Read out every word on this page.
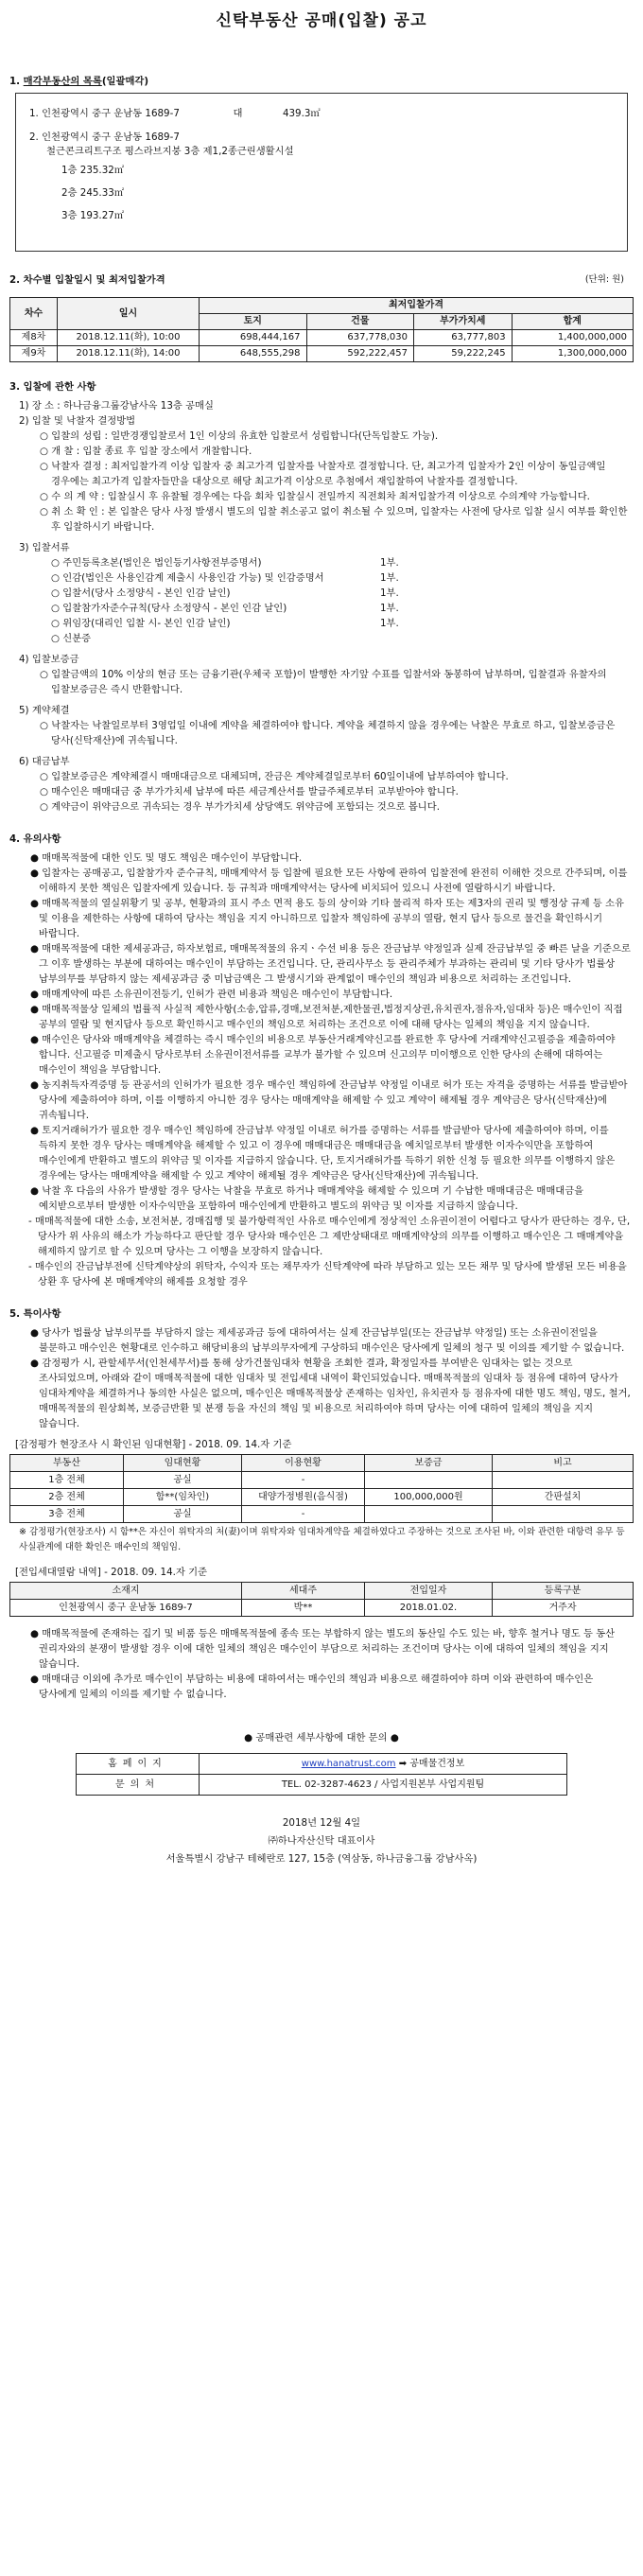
신탁부동산 공매(입찰) 공고
1. 매각부동산의 목록(일괄매각)
1. 인천광역시 중구 운남동 1689-7	대	439.3㎡
2. 인천광역시 중구 운남동 1689-7
철근콘크리트구조 평스라브지붕 3층 제1,2종근린생활시설
1층 235.32㎡
2층 245.33㎡
3층 193.27㎡
2. 차수별 입찰일시 및 최저입찰가격	(단위: 원)
차수	일시	최저입찰가격			
		토지	건물	부가가치세	합계
제8차	2018.12.11(화), 10:00	698,444,167	637,778,030	63,777,803	1,400,000,000
제9차	2018.12.11(화), 14:00	648,555,298	592,222,457	59,222,245	1,300,000,000
3. 입찰에 관한 사항
1) 장 소 : 하나금융그룹강남사옥 13층 공매실
2) 입찰 및 낙찰자 결정방법
○ 입찰의 성립 : 일반경쟁입찰로서 1인 이상의 유효한 입찰로서 성립합니다(단독입찰도 가능).
○ 개 찰 : 입찰 종료 후 입찰 장소에서 개찰합니다.
○ 낙찰자 결정 : 최저입찰가격 이상 입찰자 중 최고가격 입찰자를 낙찰자로 결정합니다. 단, 최고가격 입찰자가 2인 이상이 동일금액일 경우에는 최고가격 입찰자들만을 대상으로 해당 최고가격 이상으로 추첨에서 재입찰하여 낙찰자를 결정합니다.
○ 수 의 계 약 : 입찰실시 후 유찰될 경우에는 다음 회차 입찰실시 전일까지 직전회차 최저입찰가격 이상으로 수의계약 가능합니다.
○ 취 소 확 인 : 본 입찰은 당사 사정 발생시 별도의 입찰 취소공고 없이 취소될 수 있으며, 입찰자는 사전에 당사로 입찰 실시 여부를 확인한 후 입찰하시기 바랍니다.
3) 입찰서류
○ 주민등록초본(법인은 법인등기사항전부증명서)	1부.
○ 인감(법인은 사용인감계 제출시 사용인감 가능) 및 인감증명서	1부.
○ 입찰서(당사 소정양식 - 본인 인감 날인)	1부.
○ 입찰참가자준수규칙(당사 소정양식 - 본인 인감 날인)	1부.
○ 위임장(대리인 입찰 시- 본인 인감 날인)	1부.
○ 신분증
4) 입찰보증금
○ 입찰금액의 10% 이상의 현금 또는 금융기관(우체국 포함)이 발행한 자기앞 수표를 입찰서와 동봉하여 납부하며, 입찰결과 유찰자의 입찰보증금은 즉시 반환합니다.
5) 계약체결
○ 낙찰자는 낙찰일로부터 3영업일 이내에 계약을 체결하여야 합니다. 계약을 체결하지 않을 경우에는 낙찰은 무효로 하고, 입찰보증금은 당사(신탁재산)에 귀속됩니다.
6) 대금납부
○ 입찰보증금은 계약체결시 매매대금으로 대체되며, 잔금은 계약체결일로부터 60일이내에 납부하여야 합니다.
○ 매수인은 매매대금 중 부가가치세 납부에 따른 세금계산서를 발급주체로부터 교부받아야 합니다.
○ 계약금이 위약금으로 귀속되는 경우 부가가치세 상당액도 위약금에 포함되는 것으로 봅니다.
4. 유의사항
● 매매목적물에 대한 인도 및 명도 책임은 매수인이 부담합니다.
● 입찰자는 공매공고, 입찰참가자 준수규칙, 매매계약서 등 입찰에 필요한 모든 사항에 관하여 입찰전에 완전히 이해한 것으로 간주되며, 이를 이해하지 못한 책임은 입찰자에게 있습니다. 등 규칙과 매매계약서는 당사에 비치되어 있으니 사전에 열람하시기 바랍니다.
● 매매목적물의 열실위황기 및 공부, 현황과의 표시 주소 면적 용도 등의 상이와 기타 물리적 하자 또는 제3자의 권리 및 행정상 규제 등 소유 및 이용을 제한하는 사항에 대하여 당사는 책임을 지지 아니하므로 입찰자 책임하에 공부의 열람, 현지 답사 등으로 물건을 확인하시기 바랍니다.
● 매매목적물에 대한 제세공과금, 하자보험료, 매매목적물의 유지ㆍ수선 비용 등은 잔금납부 약정일과 실제 잔금납부일 중 빠른 날을 기준으로 그 이후 발생하는 부분에 대하여는 매수인이 부담하는 조건입니다. 단, 관리사무소 등 관리주체가 부과하는 관리비 및 기타 당사가 법률상 납부의무를 부담하지 않는 제세공과금 중 미납금액은 그 발생시기와 관계없이 매수인의 책임과 비용으로 처리하는 조건입니다.
● 매매계약에 따른 소유권이전등기, 인허가 관련 비용과 책임은 매수인이 부담합니다.
● 매매목적물상 일체의 법률적 사실적 제한사항(소송,압류,경매,보전처분,제한물권,법정지상권,유치권자,점유자,임대차 등)은 매수인이 직접 공부의 열람 및 현지답사 등으로 확인하시고 매수인의 책임으로 처리하는 조건으로 이에 대해 당사는 일체의 책임을 지지 않습니다.
● 매수인은 당사와 매매계약을 체결하는 즉시 매수인의 비용으로 부동산거래계약신고를 완료한 후 당사에 거래계약신고필증을 제출하여야 합니다. 신고필증 미제출시 당사로부터 소유권이전서류를 교부가 불가할 수 있으며 신고의무 미이행으로 인한 당사의 손해에 대하여는 매수인이 책임을 부담합니다.
● 농지취득자격증명 등 관공서의 인허가가 필요한 경우 매수인 책임하에 잔금납부 약정일 이내로 허가 또는 자격을 증명하는 서류를 발급받아 당사에 제출하여야 하며, 이를 이행하지 아니한 경우 당사는 매매계약을 해제할 수 있고 계약이 해제될 경우 계약금은 당사(신탁재산)에 귀속됩니다.
● 토지거래허가가 필요한 경우 매수인 책임하에 잔금납부 약정일 이내로 허가를 증명하는 서류를 발급받아 당사에 제출하여야 하며, 이를 득하지 못한 경우 당사는 매매계약을 해제할 수 있고 이 경우에 매매대금은 매매대금을 예치일로부터 발생한 이자수익만을 포함하여 매수인에게 반환하고 별도의 위약금 및 이자를 지급하지 않습니다. 단, 토지거래허가를 득하기 위한 신청 등 필요한 의무를 이행하지 않은 경우에는 당사는 매매계약을 해제할 수 있고 계약이 해제될 경우 계약금은 당사(신탁재산)에 귀속됩니다.
● 낙찰 후 다음의 사유가 발생할 경우 당사는 낙찰을 무효로 하거나 매매계약을 해제할 수 있으며 기 수납한 매매대금은 매매대금을 예치받으로부터 발생한 이자수익만을 포함하여 매수인에게 반환하고 별도의 위약금 및 이자를 지급하지 않습니다.
- 매매목적물에 대한 소송, 보전처분, 경매집행 및 불가항력적인 사유로 매수인에게 정상적인 소유권이전이 어렵다고 당사가 판단하는 경우, 단, 당사가 위 사유의 해소가 가능하다고 판단할 경우 당사와 매수인은 그 제반상태대로 매매계약상의 의무를 이행하고 매수인은 그 매매계약을 해제하지 않기로 할 수 있으며 당사는 그 이행을 보장하지 않습니다.
- 매수인의 잔금납부전에 신탁계약상의 위탁자, 수익자 또는 채무자가 신탁계약에 따라 부담하고 있는 모든 채무 및 당사에 발생된 모든 비용을 상환 후 당사에 본 매매계약의 해제를 요청할 경우
5. 특이사항
● 당사가 법률상 납부의무를 부담하지 않는 제세공과금 등에 대하여서는 실제 잔금납부일(또는 잔금납부 약정일) 또는 소유권이전일을 불문하고 매수인은 현황대로 인수하고 해당비용의 납부의무자에게 구상하되 매수인은 당사에게 일체의 청구 및 이의를 제기할 수 없습니다.
● 감정평가 시, 관할세무서(인천세무서)를 통해 상가건물임대차 현황을 조회한 결과, 확정일자를 부여받은 임대차는 없는 것으로 조사되었으며, 아래와 같이 매매목적물에 대한 임대차 및 전입세대 내역이 확인되었습니다. 매매목적물의 임대차 등 점유에 대하여 당사가 임대차계약을 체결하거나 동의한 사실은 없으며, 매수인은 매매목적물상 존재하는 임차인, 유치권자 등 점유자에 대한 명도 책임, 명도, 철거, 매매목적물의 원상회복, 보증금반환 및 분쟁 등을 자신의 책임 및 비용으로 처리하여야 하며 당사는 이에 대하여 일체의 책임을 지지 않습니다.
[감정평가 현장조사 시 확인된 임대현황] - 2018. 09. 14.자 기준
부동산	임대현황	이용현황	보증금	비고
1층 전체	공실	-		
2층 전체	함**(임차인)	대양가정병원(음식점)	100,000,000원	간판설치
3층 전체	공실	-		
※ 감정평가(현장조사) 시 함**은 자신이 위탁자의 처(妻)이며 위탁자와 임대차계약을 체결하였다고 주장하는 것으로 조사된 바, 이와 관련한 대항력 유무 등 사실관계에 대한 확인은 매수인의 책임임.
[전입세대열람 내역] - 2018. 09. 14.자 기준
소재지	세대주	전입일자	등록구분
인천광역시 중구 운남동 1689-7	박**	2018.01.02.	거주자
● 매매목적물에 존재하는 집기 및 비품 등은 매매목적물에 종속 또는 부합하지 않는 별도의 동산일 수도 있는 바, 향후 철거나 명도 등 동산 권리자와의 분쟁이 발생할 경우 이에 대한 일체의 책임은 매수인이 부담으로 처리하는 조건이며 당사는 이에 대하여 일체의 책임을 지지 않습니다.
● 매매대금 이외에 추가로 매수인이 부담하는 비용에 대하여서는 매수인의 책임과 비용으로 해결하여야 하며 이와 관련하여 매수인은 당사에게 일체의 이의를 제기할 수 없습니다.
● 공매관련 세부사항에 대한 문의 ●
홈페이지	www.hanatrust.com ➡ 공매물건정보
문의처	TEL. 02-3287-4623 / 사업지원본부 사업지원팀
2018년 12월 4일
㈜하나자산신탁 대표이사
서울특별시 강남구 테헤란로 127, 15층 (역삼동, 하나금융그룹 강남사옥)
